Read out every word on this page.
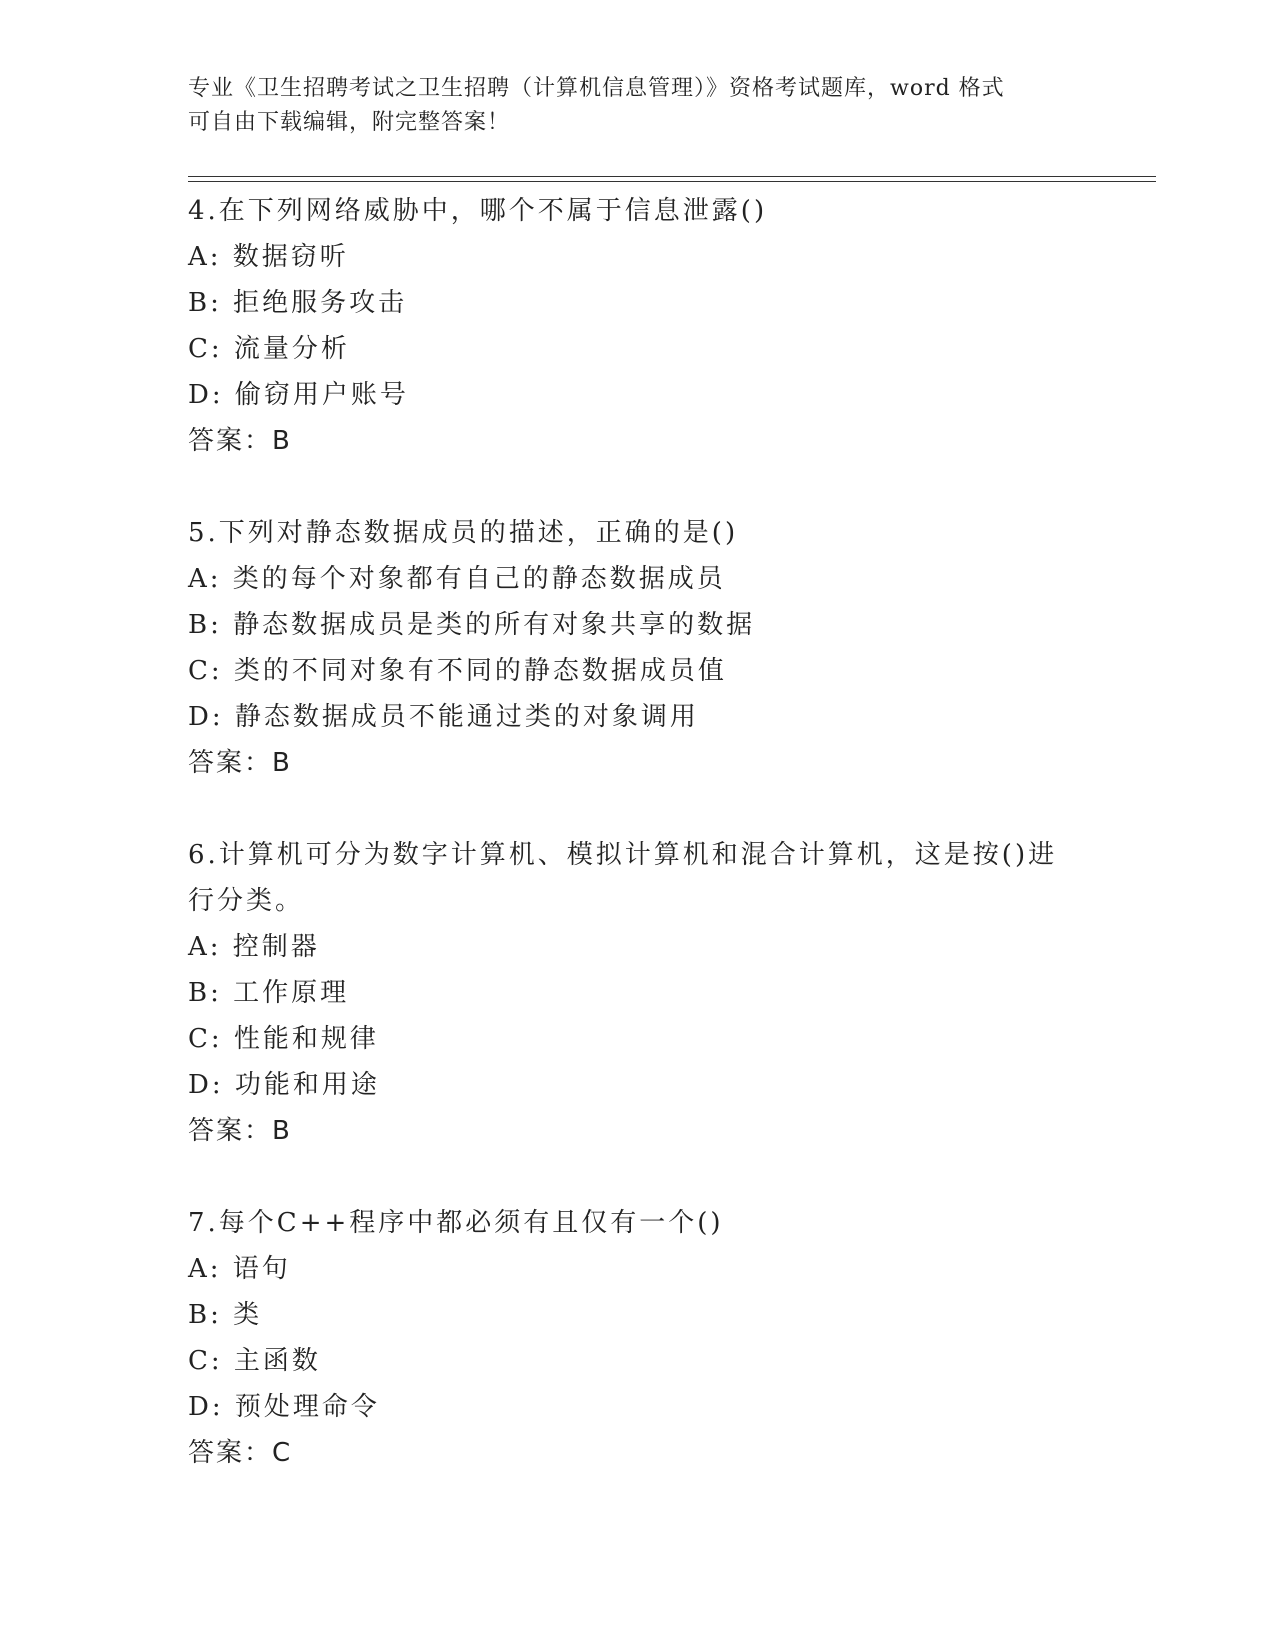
专业《卫生招聘考试之卫生招聘（计算机信息管理）》资格考试题库，word 格式
可自由下载编辑，附完整答案！

4.在下列网络威胁中，哪个不属于信息泄露()

A: 数据窃听

B: 拒绝服务攻击

C: 流量分析

D: 偷窃用户账号

答案：B

5.下列对静态数据成员的描述，正确的是()

A: 类的每个对象都有自己的静态数据成员

B: 静态数据成员是类的所有对象共享的数据

C: 类的不同对象有不同的静态数据成员值

D: 静态数据成员不能通过类的对象调用

答案：B

6.计算机可分为数字计算机、模拟计算机和混合计算机，这是按()进

行分类。

A: 控制器

B: 工作原理

C: 性能和规律

D: 功能和用途

答案：B

7.每个C++程序中都必须有且仅有一个()

A: 语句

B: 类

C: 主函数

D: 预处理命令

答案：C
